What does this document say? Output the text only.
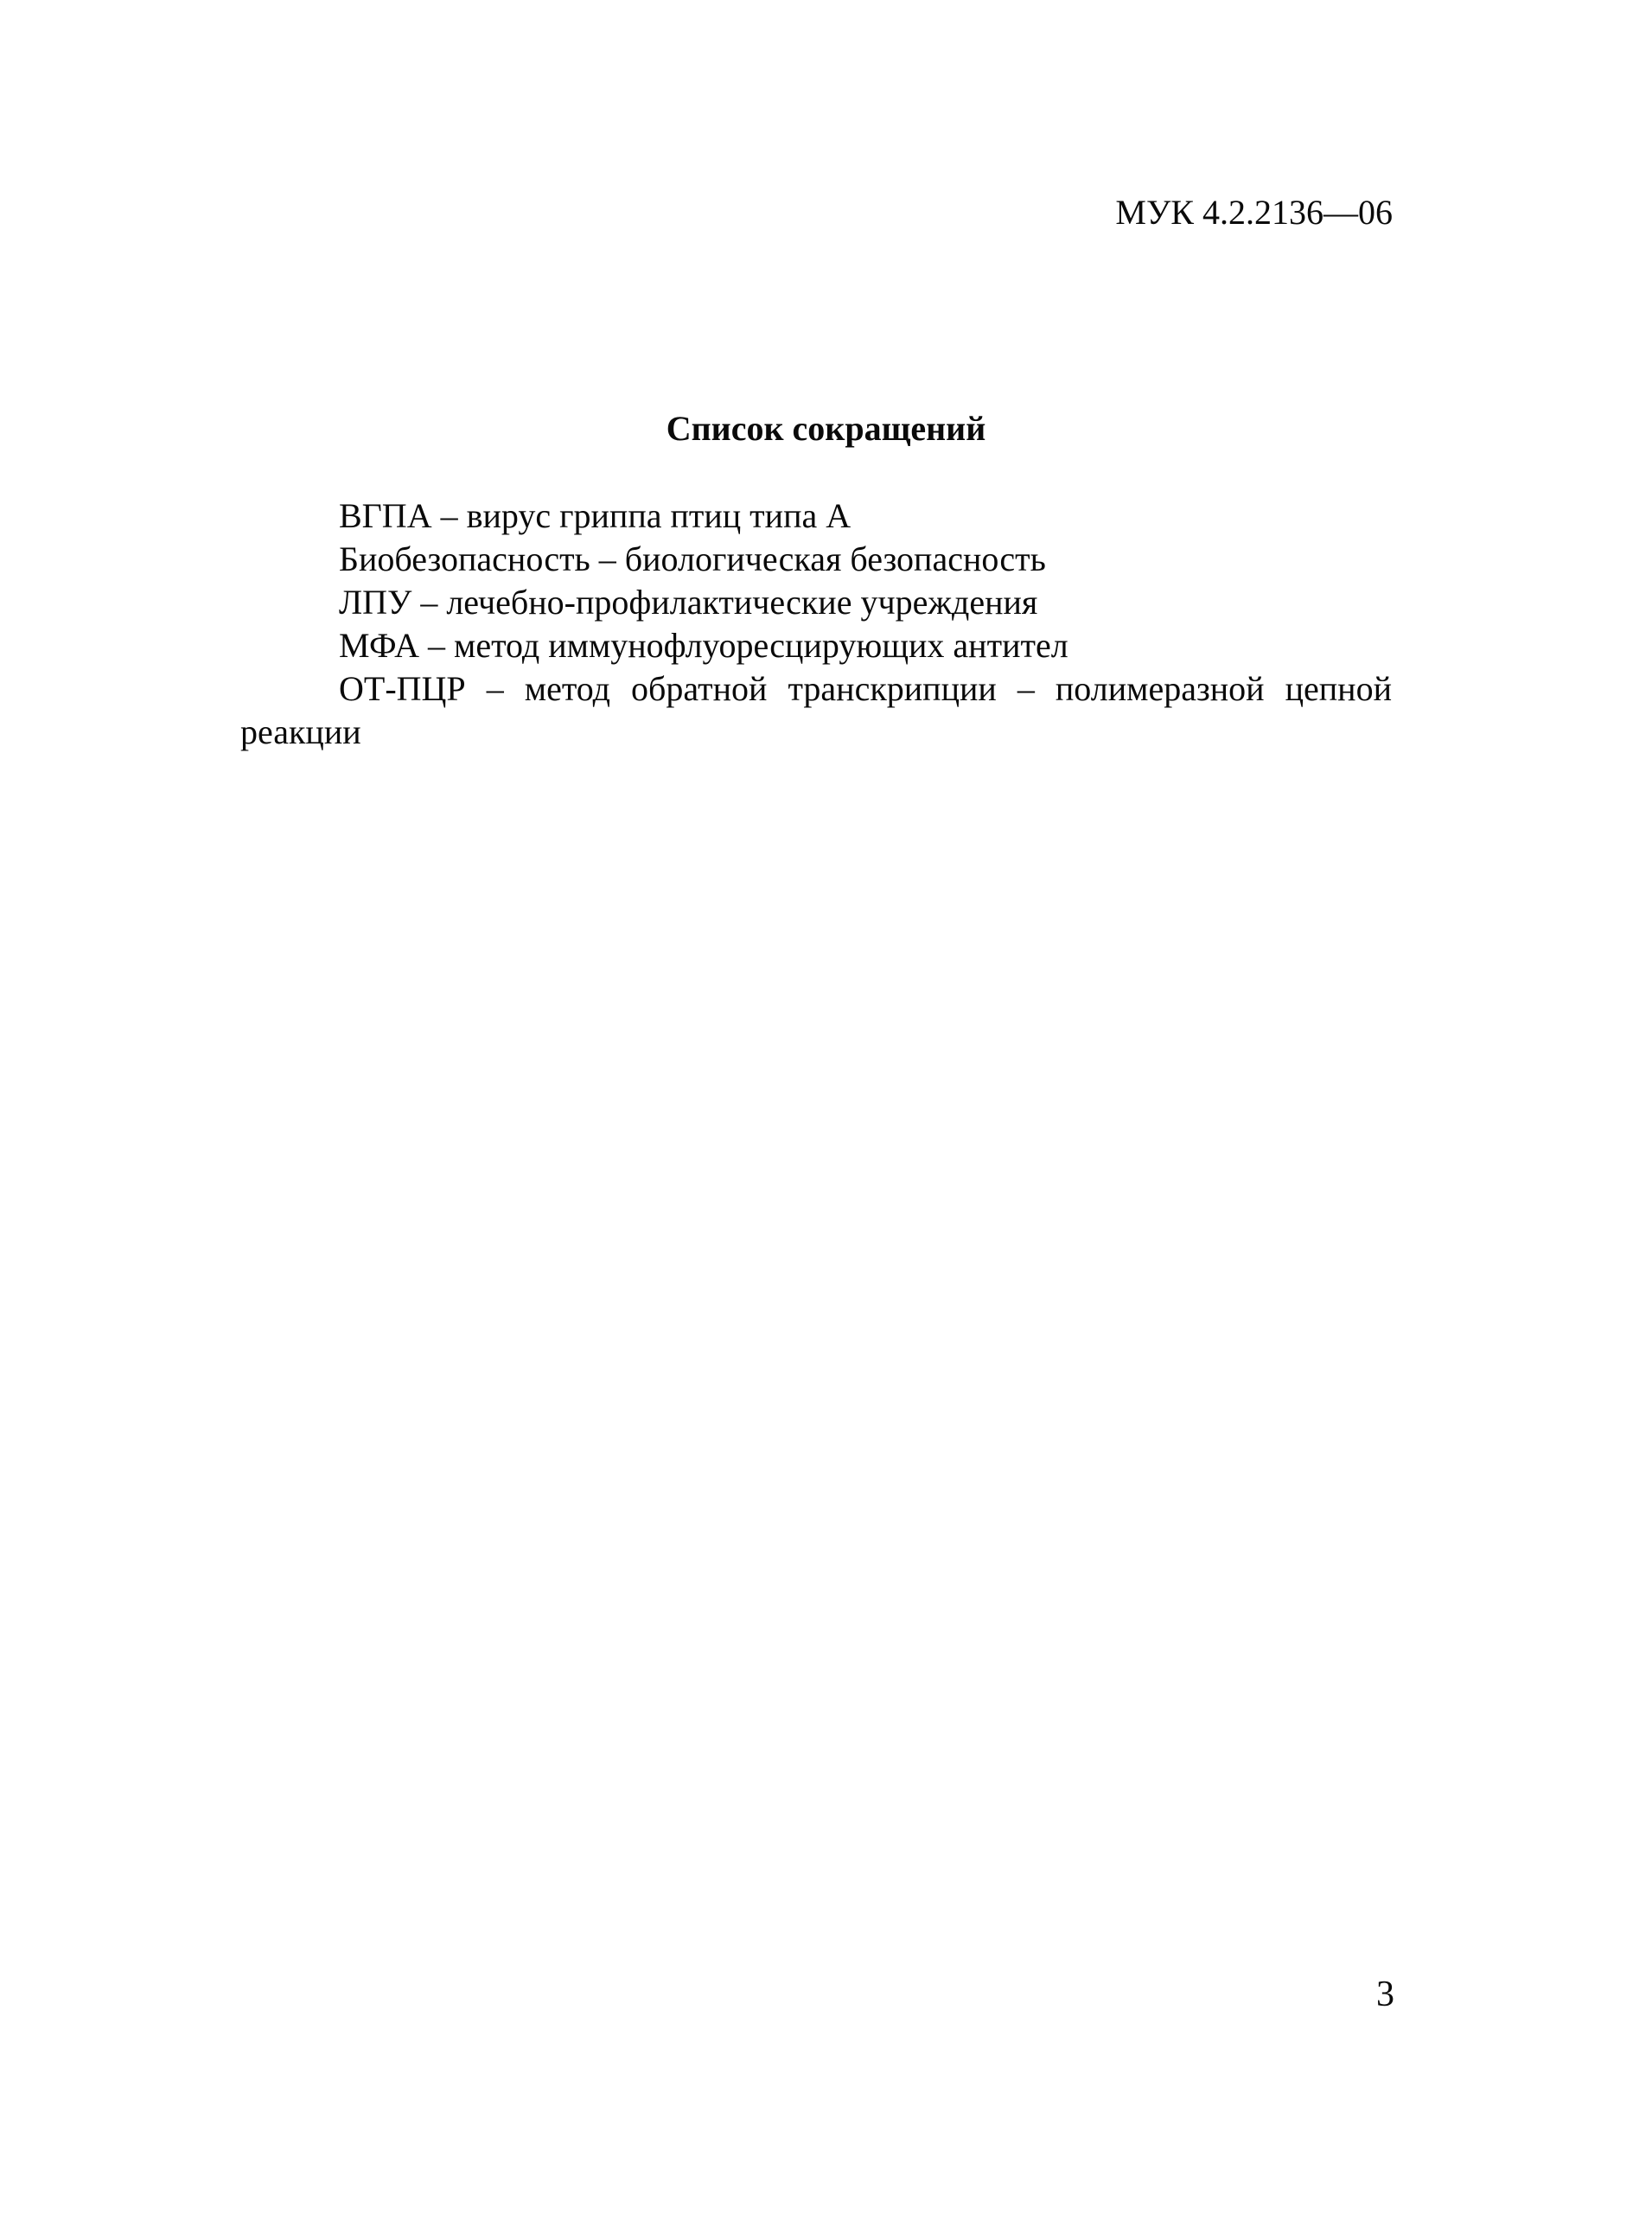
МУК 4.2.2136—06
Список сокращений

ВГПА – вирус гриппа птиц типа А

Биобезопасность – биологическая безопасность

ЛПУ – лечебно-профилактические учреждения

МФА – метод иммунофлуоресцирующих антител

ОТ-ПЦР – метод обратной транскрипции – полимеразной цепной реакции

3
